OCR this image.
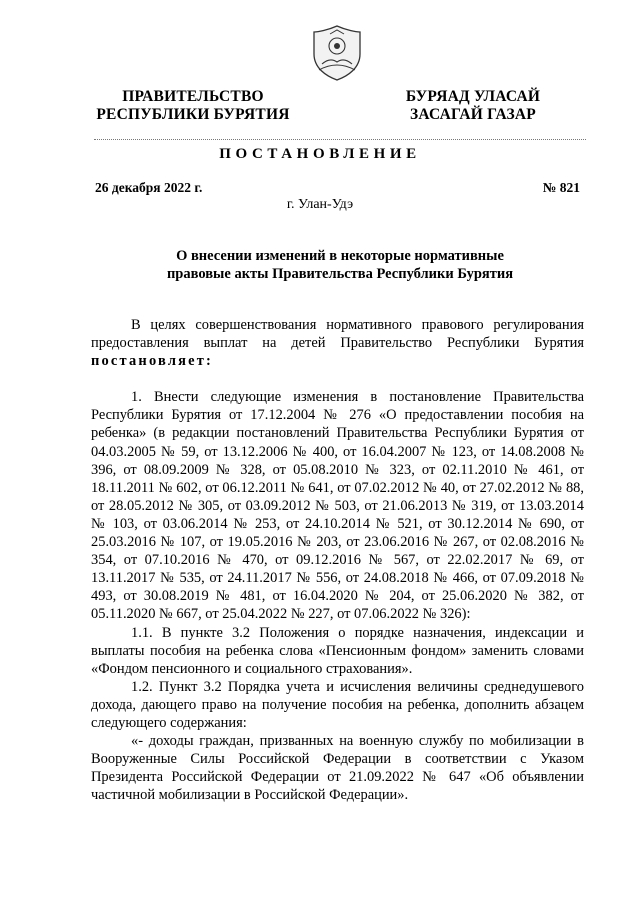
ПРАВИТЕЛЬСТВО
РЕСПУБЛИКИ БУРЯТИЯ
БУРЯАД УЛАСАЙ
ЗАСАГАЙ ГАЗАР
ПОСТАНОВЛЕНИЕ
26 декабря 2022 г.	№ 821
г. Улан-Удэ
О внесении изменений в некоторые нормативные
правовые акты Правительства Республики Бурятия

В целях совершенствования нормативного правового регулирования предоставления выплат на детей Правительство Республики Бурятия постановляет:

1. Внести следующие изменения в постановление Правительства Республики Бурятия от 17.12.2004 № 276 «О предоставлении пособия на ребенка» (в редакции постановлений Правительства Республики Бурятия от 04.03.2005 № 59, от 13.12.2006 № 400, от 16.04.2007 № 123, от 14.08.2008 № 396, от 08.09.2009 № 328, от 05.08.2010 № 323, от 02.11.2010 № 461, от 18.11.2011 № 602, от 06.12.2011 № 641, от 07.02.2012 № 40, от 27.02.2012 № 88, от 28.05.2012 № 305, от 03.09.2012 № 503, от 21.06.2013 № 319, от 13.03.2014 № 103, от 03.06.2014 № 253, от 24.10.2014 № 521, от 30.12.2014 № 690, от 25.03.2016 № 107, от 19.05.2016 № 203, от 23.06.2016 № 267, от 02.08.2016 № 354, от 07.10.2016 № 470, от 09.12.2016 № 567, от 22.02.2017 № 69, от 13.11.2017 № 535, от 24.11.2017 № 556, от 24.08.2018 № 466, от 07.09.2018 № 493, от 30.08.2019 № 481, от 16.04.2020 № 204, от 25.06.2020 № 382, от 05.11.2020 № 667, от 25.04.2022 № 227, от 07.06.2022 № 326):

1.1. В пункте 3.2 Положения о порядке назначения, индексации и выплаты пособия на ребенка слова «Пенсионным фондом» заменить словами «Фондом пенсионного и социального страхования».

1.2. Пункт 3.2 Порядка учета и исчисления величины среднедушевого дохода, дающего право на получение пособия на ребенка, дополнить абзацем следующего содержания:

«- доходы граждан, призванных на военную службу по мобилизации в Вооруженные Силы Российской Федерации в соответствии с Указом Президента Российской Федерации от 21.09.2022 № 647 «Об объявлении частичной мобилизации в Российской Федерации».
